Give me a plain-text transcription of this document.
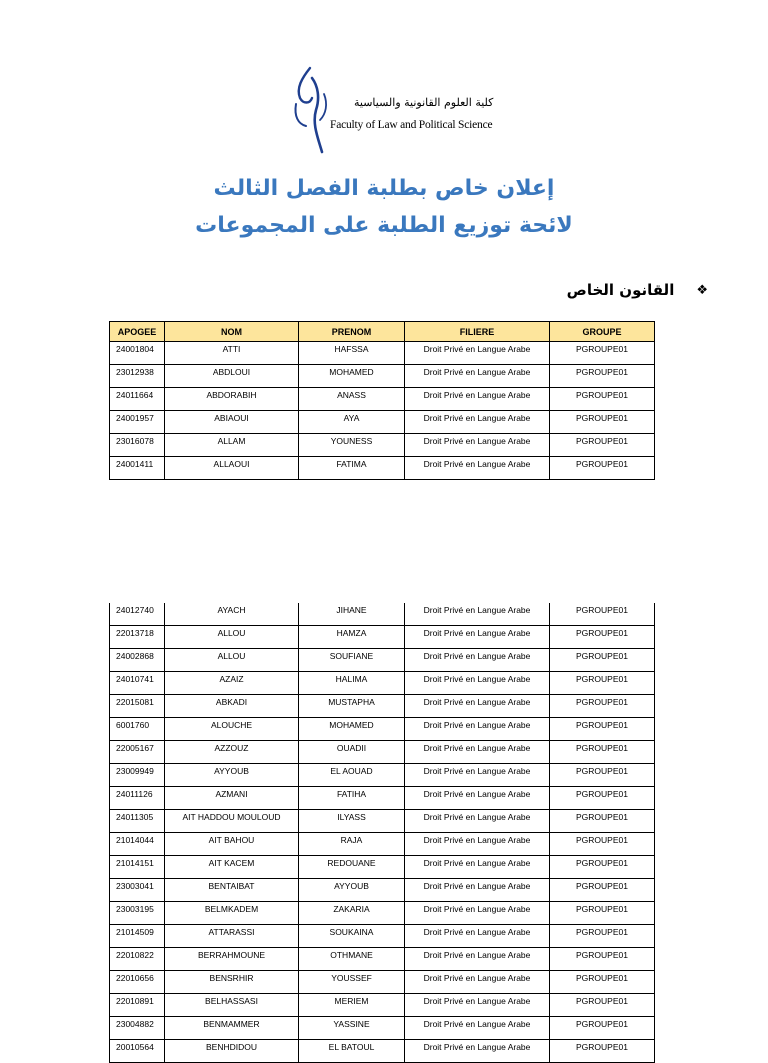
كلية العلوم القانونية والسياسية
Faculty of Law and Political Science
إعلان خاص بطلبة الفصل الثالث
لائحة توزيع الطلبة على المجموعات
❖
القانون الخاص
APOGEE	NOM	PRENOM	FILIERE	GROUPE
24001804	ATTI	HAFSSA	Droit Privé en Langue Arabe	PGROUPE01
23012938	ABDLOUI	MOHAMED	Droit Privé en Langue Arabe	PGROUPE01
24011664	ABDORABIH	ANASS	Droit Privé en Langue Arabe	PGROUPE01
24001957	ABIAOUI	AYA	Droit Privé en Langue Arabe	PGROUPE01
23016078	ALLAM	YOUNESS	Droit Privé en Langue Arabe	PGROUPE01
24001411	ALLAOUI	FATIMA	Droit Privé en Langue Arabe	PGROUPE01
24012740	AYACH	JIHANE	Droit Privé en Langue Arabe	PGROUPE01
22013718	ALLOU	HAMZA	Droit Privé en Langue Arabe	PGROUPE01
24002868	ALLOU	SOUFIANE	Droit Privé en Langue Arabe	PGROUPE01
24010741	AZAIZ	HALIMA	Droit Privé en Langue Arabe	PGROUPE01
22015081	ABKADI	MUSTAPHA	Droit Privé en Langue Arabe	PGROUPE01
6001760	ALOUCHE	MOHAMED	Droit Privé en Langue Arabe	PGROUPE01
22005167	AZZOUZ	OUADII	Droit Privé en Langue Arabe	PGROUPE01
23009949	AYYOUB	EL AOUAD	Droit Privé en Langue Arabe	PGROUPE01
24011126	AZMANI	FATIHA	Droit Privé en Langue Arabe	PGROUPE01
24011305	AIT HADDOU MOULOUD	ILYASS	Droit Privé en Langue Arabe	PGROUPE01
21014044	AIT BAHOU	RAJA	Droit Privé en Langue Arabe	PGROUPE01
21014151	AIT KACEM	REDOUANE	Droit Privé en Langue Arabe	PGROUPE01
23003041	BENTAIBAT	AYYOUB	Droit Privé en Langue Arabe	PGROUPE01
23003195	BELMKADEM	ZAKARIA	Droit Privé en Langue Arabe	PGROUPE01
21014509	ATTARASSI	SOUKAINA	Droit Privé en Langue Arabe	PGROUPE01
22010822	BERRAHMOUNE	OTHMANE	Droit Privé en Langue Arabe	PGROUPE01
22010656	BENSRHIR	YOUSSEF	Droit Privé en Langue Arabe	PGROUPE01
22010891	BELHASSASI	MERIEM	Droit Privé en Langue Arabe	PGROUPE01
23004882	BENMAMMER	YASSINE	Droit Privé en Langue Arabe	PGROUPE01
20010564	BENHDIDOU	EL BATOUL	Droit Privé en Langue Arabe	PGROUPE01
